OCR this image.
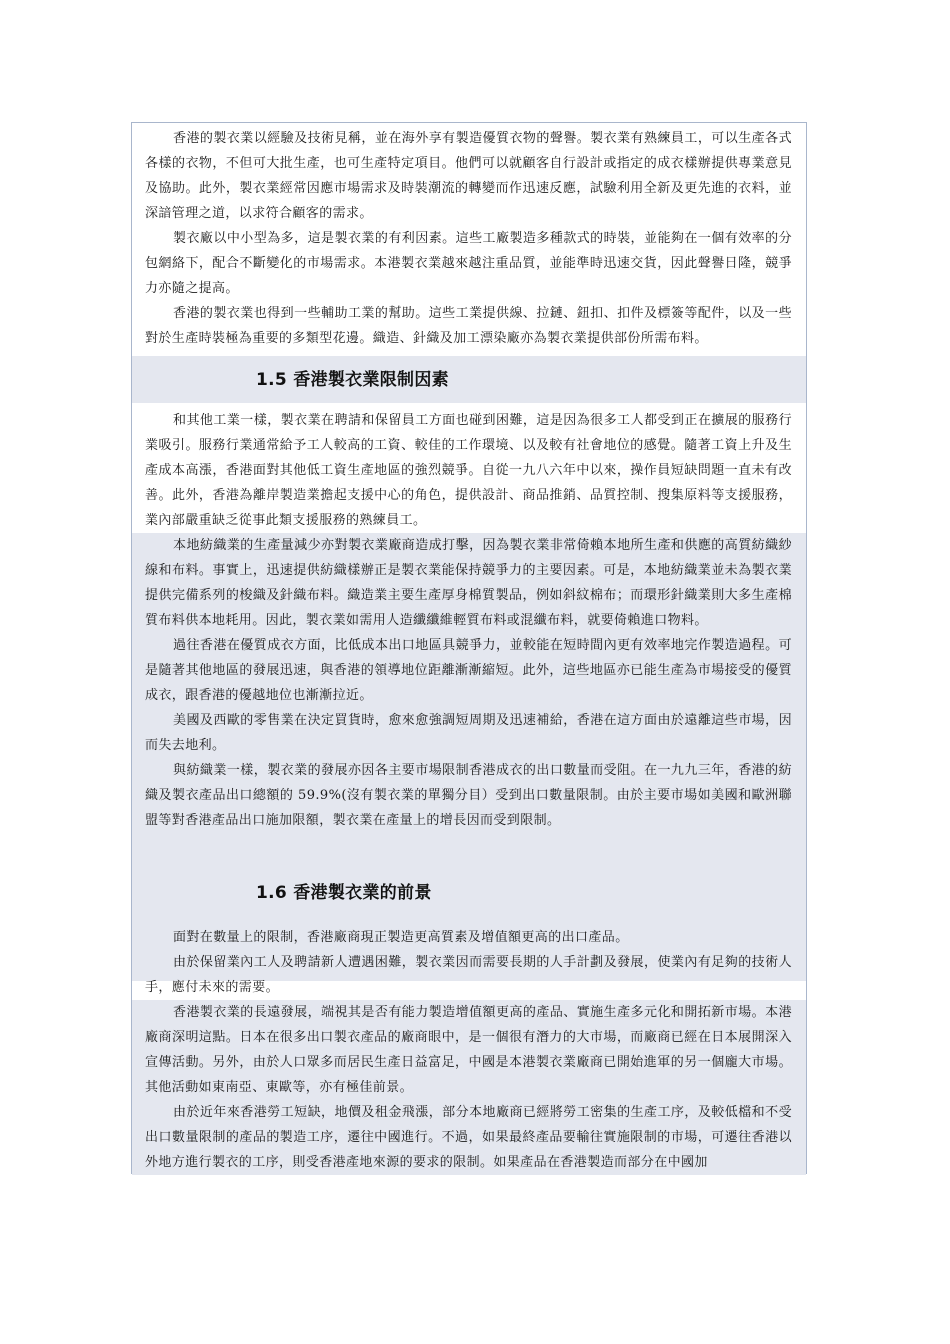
香港的製衣業以經驗及技術見稱，並在海外享有製造優質衣物的聲譽。製衣業有熟練員工，可以生產各式各樣的衣物，不但可大批生產，也可生產特定項目。他們可以就顧客自行設計或指定的成衣樣辦提供專業意見及協助。此外，製衣業經常因應市場需求及時裝潮流的轉變而作迅速反應，試驗利用全新及更先進的衣料，並深諳管理之道，以求符合顧客的需求。

製衣廠以中小型為多，這是製衣業的有利因素。這些工廠製造多種款式的時裝，並能夠在一個有效率的分包網絡下，配合不斷變化的市場需求。本港製衣業越來越注重品質，並能準時迅速交貨，因此聲譽日隆，競爭力亦隨之提高。

香港的製衣業也得到一些輔助工業的幫助。這些工業提供線、拉鏈、鈕扣、扣件及標簽等配件，以及一些對於生產時裝極為重要的多類型花邊。織造、針織及加工漂染廠亦為製衣業提供部份所需布料。

1.5 香港製衣業限制因素

和其他工業一樣，製衣業在聘請和保留員工方面也碰到困難，這是因為很多工人都受到正在擴展的服務行業吸引。服務行業通常給予工人較高的工資、較佳的工作環境、以及較有社會地位的感覺。隨著工資上升及生產成本高漲，香港面對其他低工資生產地區的強烈競爭。自從一九八六年中以來，操作員短缺問題一直未有改善。此外，香港為離岸製造業擔起支援中心的角色，提供設計、商品推銷、品質控制、搜集原料等支援服務，業內部嚴重缺乏從事此類支援服務的熟練員工。

本地紡織業的生產量減少亦對製衣業廠商造成打擊，因為製衣業非常倚賴本地所生產和供應的高質紡織紗線和布料。事實上，迅速提供紡織樣辦正是製衣業能保持競爭力的主要因素。可是，本地紡織業並未為製衣業提供完備系列的梭織及針織布料。織造業主要生產厚身棉質製品，例如斜紋棉布；而環形針織業則大多生產棉質布料供本地耗用。因此，製衣業如需用人造纖纖維輕質布料或混纖布料，就要倚賴進口物料。

過往香港在優質成衣方面，比低成本出口地區具競爭力，並較能在短時間內更有效率地完作製造過程。可是隨著其他地區的發展迅速，與香港的領導地位距離漸漸縮短。此外，這些地區亦已能生產為市場接受的優質成衣，跟香港的優越地位也漸漸拉近。

美國及西歐的零售業在決定買貨時，愈來愈強調短周期及迅速補給，香港在這方面由於遠離這些市場，因而失去地利。

與紡織業一樣，製衣業的發展亦因各主要市場限制香港成衣的出口數量而受阻。在一九九三年，香港的紡織及製衣產品出口總額的 59.9%(沒有製衣業的單獨分目）受到出口數量限制。由於主要市場如美國和歐洲聯盟等對香港產品出口施加限額，製衣業在產量上的增長因而受到限制。

1.6 香港製衣業的前景

面對在數量上的限制，香港廠商現正製造更高質素及增值額更高的出口產品。

由於保留業內工人及聘請新人遭遇困難，製衣業因而需要長期的人手計劃及發展，使業內有足夠的技術人手，應付未來的需要。

香港製衣業的長遠發展，端視其是否有能力製造增值額更高的產品、實施生產多元化和開拓新市場。本港廠商深明這點。日本在很多出口製衣產品的廠商眼中，是一個很有潛力的大市場，而廠商已經在日本展開深入宣傳活動。另外，由於人口眾多而居民生產日益富足，中國是本港製衣業廠商已開始進軍的另一個龐大市場。其他活動如東南亞、東歐等，亦有極佳前景。

由於近年來香港勞工短缺，地價及租金飛漲，部分本地廠商已經將勞工密集的生產工序，及較低檔和不受出口數量限制的產品的製造工序，遷往中國進行。不過，如果最終產品要輸往實施限制的市場，可遷往香港以外地方進行製衣的工序，則受香港產地來源的要求的限制。如果產品在香港製造而部分在中國加
